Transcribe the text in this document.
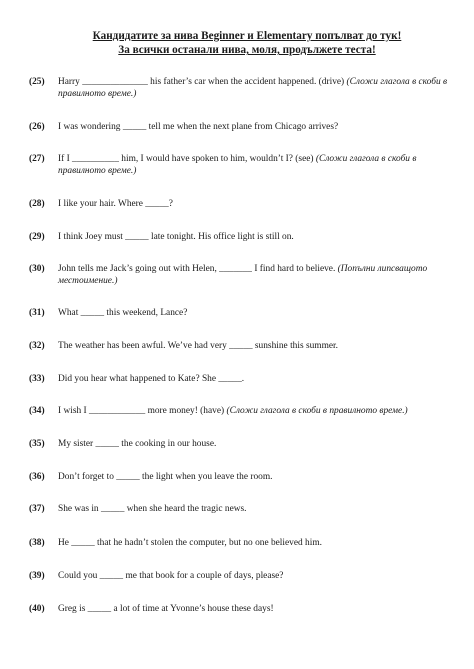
Кандидатите за нива Beginner и Elementary попълват до тук!
За всички останали нива, моля, продължете теста!
(25) Harry ______________ his father’s car when the accident happened. (drive) (Сложи глагола в скоби в правилното време.)
(26) I was wondering _____ tell me when the next plane from Chicago arrives?
(27) If I __________ him, I would have spoken to him, wouldn’t I? (see) (Сложи глагола в скоби в правилното време.)
(28) I like your hair. Where _____?
(29) I think Joey must _____ late tonight. His office light is still on.
(30) John tells me Jack’s going out with Helen, _______ I find hard to believe. (Попълни липсващото местоимение.)
(31) What _____ this weekend, Lance?
(32) The weather has been awful. We’ve had very _____ sunshine this summer.
(33) Did you hear what happened to Kate? She _____.
(34) I wish I ____________ more money! (have) (Сложи глагола в скоби в правилното време.)
(35) My sister _____ the cooking in our house.
(36) Don’t forget to _____ the light when you leave the room.
(37) She was in _____ when she heard the tragic news.
(38) He _____ that he hadn’t stolen the computer, but no one believed him.
(39) Could you _____ me that book for a couple of days, please?
(40) Greg is _____ a lot of time at Yvonne’s house these days!
